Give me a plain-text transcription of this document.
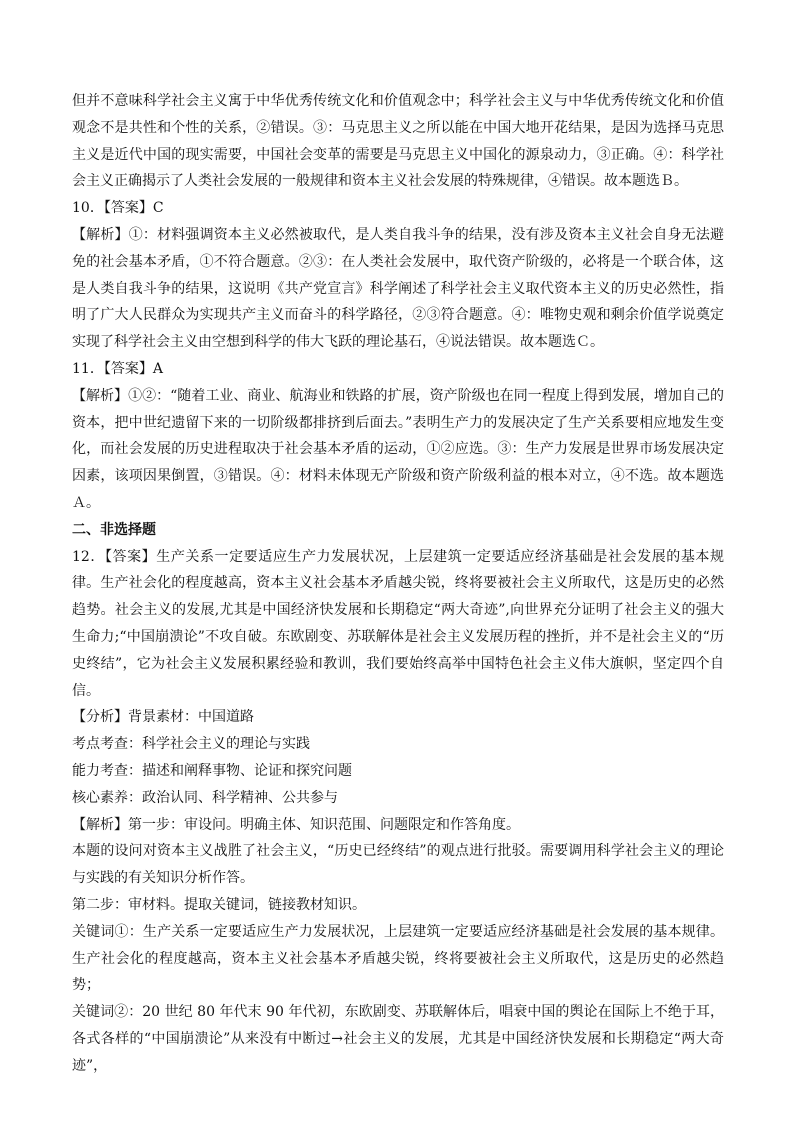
但并不意味科学社会主义寓于中华优秀传统文化和价值观念中；科学社会主义与中华优秀传统文化和价值观念不是共性和个性的关系，②错误。③：马克思主义之所以能在中国大地开花结果，是因为选择马克思主义是近代中国的现实需要，中国社会变革的需要是马克思主义中国化的源泉动力，③正确。④：科学社会主义正确揭示了人类社会发展的一般规律和资本主义社会发展的特殊规律，④错误。故本题选Ｂ。

10．【答案】C

【解析】①：材料强调资本主义必然被取代，是人类自我斗争的结果，没有涉及资本主义社会自身无法避免的社会基本矛盾，①不符合题意。②③：在人类社会发展中，取代资产阶级的，必将是一个联合体，这是人类自我斗争的结果，这说明《共产党宣言》科学阐述了科学社会主义取代资本主义的历史必然性，指明了广大人民群众为实现共产主义而奋斗的科学路径，②③符合题意。④：唯物史观和剩余价值学说奠定实现了科学社会主义由空想到科学的伟大飞跃的理论基石，④说法错误。故本题选Ｃ。

11．【答案】A

【解析】①②：“随着工业、商业、航海业和铁路的扩展，资产阶级也在同一程度上得到发展，增加自己的资本，把中世纪遗留下来的一切阶级都排挤到后面去。”表明生产力的发展决定了生产关系要相应地发生变化，而社会发展的历史进程取决于社会基本矛盾的运动，①②应选。③：生产力发展是世界市场发展决定因素，该项因果倒置，③错误。④：材料未体现无产阶级和资产阶级利益的根本对立，④不选。故本题选Ａ。

二、非选择题

12．【答案】生产关系一定要适应生产力发展状况，上层建筑一定要适应经济基础是社会发展的基本规律。生产社会化的程度越高，资本主义社会基本矛盾越尖锐，终将要被社会主义所取代，这是历史的必然趋势。社会主义的发展,尤其是中国经济快发展和长期稳定“两大奇迹”,向世界充分证明了社会主义的强大生命力;“中国崩溃论”不攻自破。东欧剧变、苏联解体是社会主义发展历程的挫折，并不是社会主义的“历史终结”，它为社会主义发展积累经验和教训，我们要始终高举中国特色社会主义伟大旗帜，坚定四个自信。

【分析】背景素材：中国道路

考点考查：科学社会主义的理论与实践

能力考查：描述和阐释事物、论证和探究问题

核心素养：政治认同、科学精神、公共参与

【解析】第一步：审设问。明确主体、知识范围、问题限定和作答角度。

本题的设问对资本主义战胜了社会主义，“历史已经终结”的观点进行批驳。需要调用科学社会主义的理论与实践的有关知识分析作答。

第二步：审材料。提取关键词，链接教材知识。

关键词①：生产关系一定要适应生产力发展状况，上层建筑一定要适应经济基础是社会发展的基本规律。生产社会化的程度越高，资本主义社会基本矛盾越尖锐，终将要被社会主义所取代，这是历史的必然趋势；

关键词②：20 世纪 80 年代末 90 年代初，东欧剧变、苏联解体后，唱衰中国的舆论在国际上不绝于耳，各式各样的“中国崩溃论”从来没有中断过→社会主义的发展，尤其是中国经济快发展和长期稳定“两大奇迹”，
